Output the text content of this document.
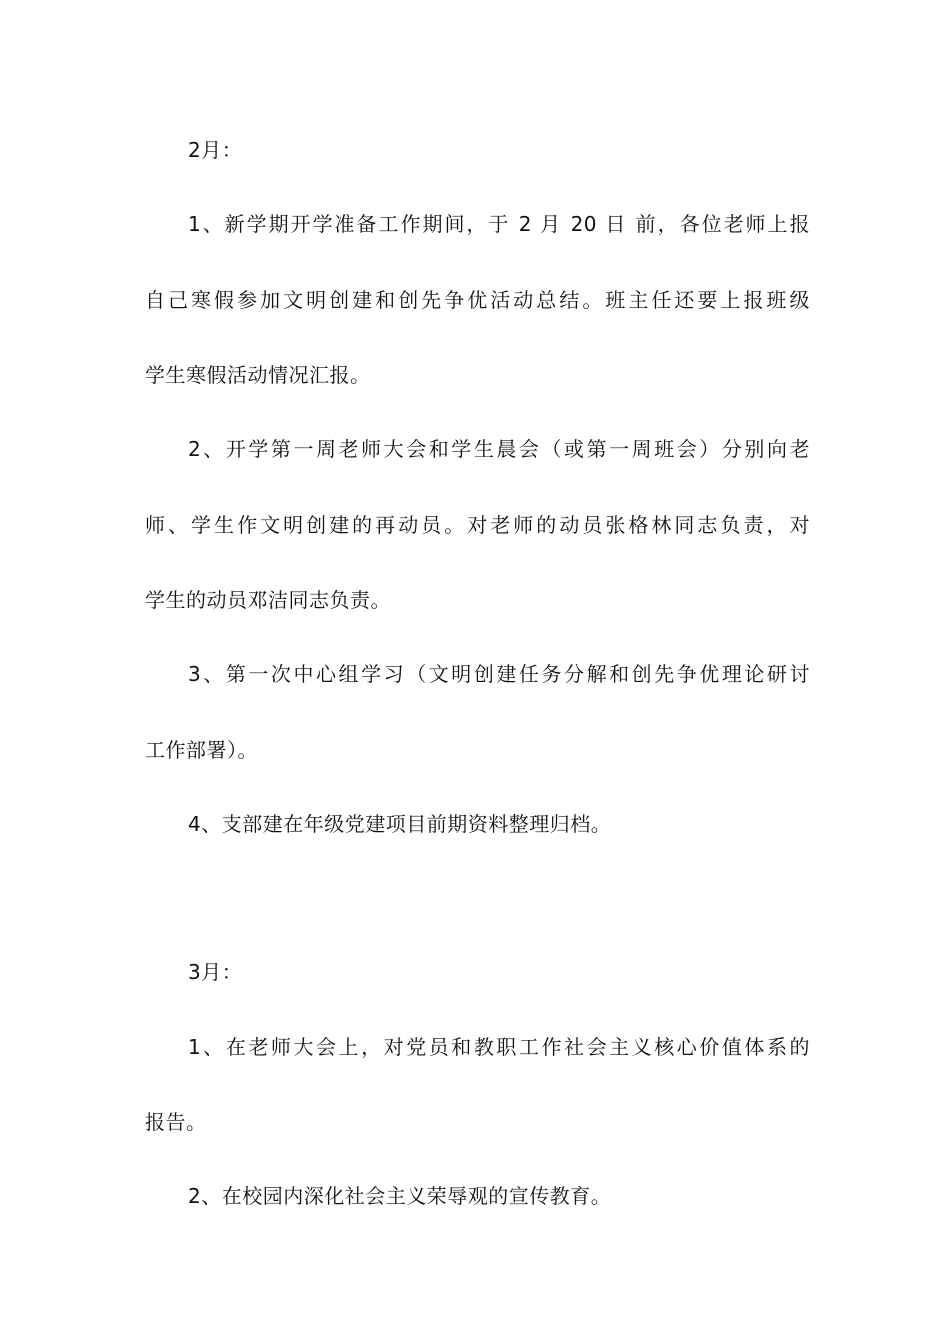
2月：
1、新学期开学准备工作期间，于 2 月 20 日 前，各位老师上报
自己寒假参加文明创建和创先争优活动总结。班主任还要上报班级
学生寒假活动情况汇报。
2、开学第一周老师大会和学生晨会（或第一周班会）分别向老
师、学生作文明创建的再动员。对老师的动员张格林同志负责，对
学生的动员邓洁同志负责。
3、第一次中心组学习（文明创建任务分解和创先争优理论研讨
工作部署）。
4、支部建在年级党建项目前期资料整理归档。
3月：
1、在老师大会上，对党员和教职工作社会主义核心价值体系的
报告。
2、在校园内深化社会主义荣辱观的宣传教育。
